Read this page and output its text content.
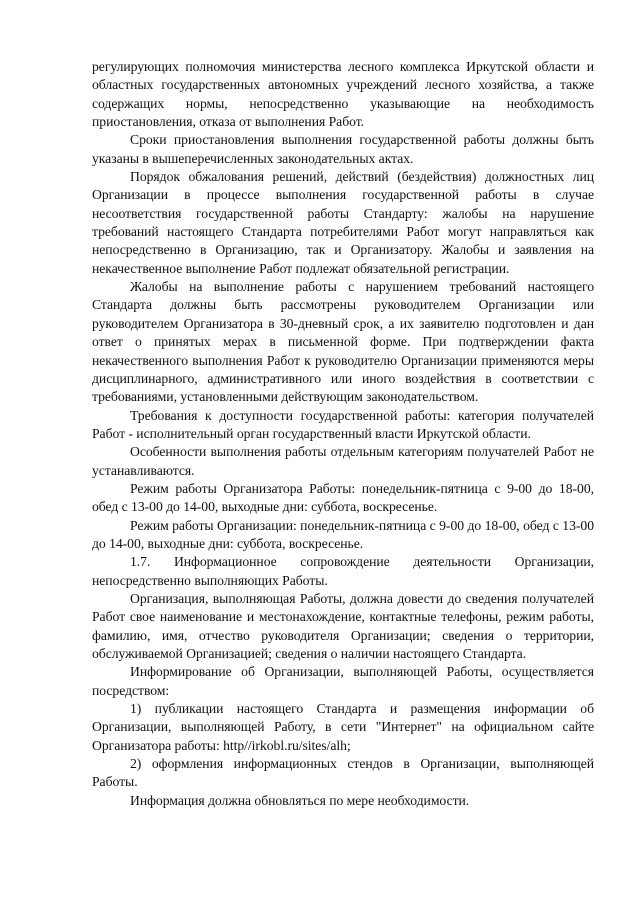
регулирующих полномочия министерства лесного комплекса Иркутской области и областных государственных автономных учреждений лесного хозяйства, а также содержащих нормы, непосредственно указывающие на необходимость приостановления, отказа от выполнения Работ.

Сроки приостановления выполнения государственной работы должны быть указаны в вышеперечисленных законодательных актах.

Порядок обжалования решений, действий (бездействия) должностных лиц Организации в процессе выполнения государственной работы в случае несоответствия государственной работы Стандарту: жалобы на нарушение требований настоящего Стандарта потребителями Работ могут направляться как непосредственно в Организацию, так и Организатору. Жалобы и заявления на некачественное выполнение Работ подлежат обязательной регистрации.

Жалобы на выполнение работы с нарушением требований настоящего Стандарта должны быть рассмотрены руководителем Организации или руководителем Организатора в 30-дневный срок, а их заявителю подготовлен и дан ответ о принятых мерах в письменной форме. При подтверждении факта некачественного выполнения Работ к руководителю Организации применяются меры дисциплинарного, административного или иного воздействия в соответствии с требованиями, установленными действующим законодательством.

Требования к доступности государственной работы: категория получателей Работ - исполнительный орган государственный власти Иркутской области.

Особенности выполнения работы отдельным категориям получателей Работ не устанавливаются.

Режим работы Организатора Работы: понедельник-пятница с 9-00 до 18-00, обед с 13-00 до 14-00, выходные дни: суббота, воскресенье.

Режим работы Организации: понедельник-пятница с 9-00 до 18-00, обед с 13-00 до 14-00, выходные дни: суббота, воскресенье.

1.7. Информационное сопровождение деятельности Организации, непосредственно выполняющих Работы.

Организация, выполняющая Работы, должна довести до сведения получателей Работ свое наименование и местонахождение, контактные телефоны, режим работы, фамилию, имя, отчество руководителя Организации; сведения о территории, обслуживаемой Организацией; сведения о наличии настоящего Стандарта.

Информирование об Организации, выполняющей Работы, осуществляется посредством:

1) публикации настоящего Стандарта и размещения информации об Организации, выполняющей Работу, в сети "Интернет" на официальном сайте Организатора работы: http//irkobl.ru/sites/alh;

2) оформления информационных стендов в Организации, выполняющей Работы.

Информация должна обновляться по мере необходимости.
